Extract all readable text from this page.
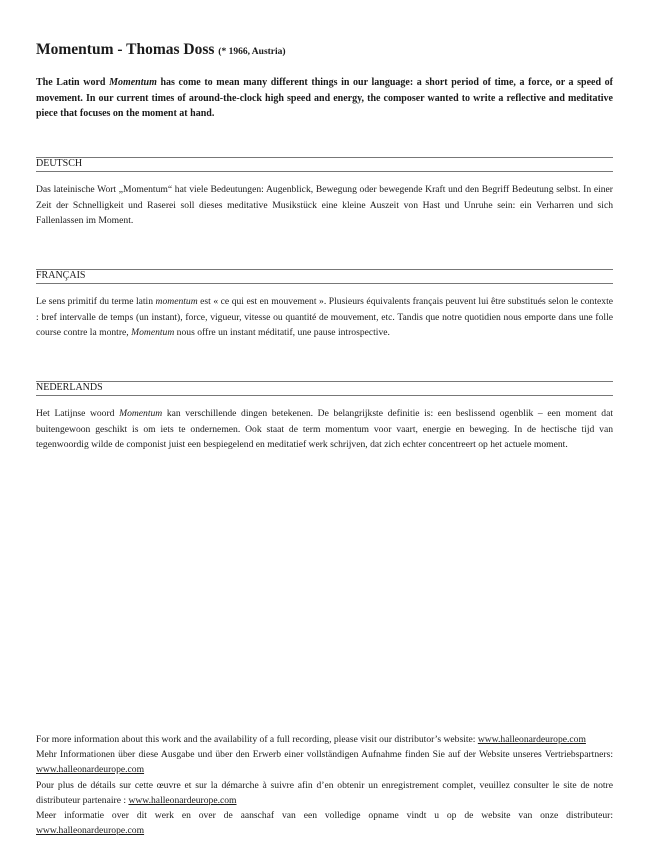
Momentum - Thomas Doss (* 1966, Austria)

The Latin word Momentum has come to mean many different things in our language: a short period of time, a force, or a speed of movement. In our current times of around-the-clock high speed and energy, the composer wanted to write a reflective and meditative piece that focuses on the moment at hand.

DEUTSCH
Das lateinische Wort „Momentum“ hat viele Bedeutungen: Augenblick, Bewegung oder bewegende Kraft und den Begriff Bedeutung selbst. In einer Zeit der Schnelligkeit und Raserei soll dieses meditative Musikstück eine kleine Auszeit von Hast und Unruhe sein: ein Verharren und sich Fallenlassen im Moment.
FRANÇAIS
Le sens primitif du terme latin momentum est « ce qui est en mouvement ». Plusieurs équivalents français peuvent lui être substitués selon le contexte : bref intervalle de temps (un instant), force, vigueur, vitesse ou quantité de mouvement, etc. Tandis que notre quotidien nous emporte dans une folle course contre la montre, Momentum nous offre un instant méditatif, une pause introspective.
NEDERLANDS
Het Latijnse woord Momentum kan verschillende dingen betekenen. De belangrijkste definitie is: een beslissend ogenblik – een moment dat buitengewoon geschikt is om iets te ondernemen. Ook staat de term momentum voor vaart, energie en beweging. In de hectische tijd van tegenwoordig wilde de componist juist een bespiegelend en meditatief werk schrijven, dat zich echter concentreert op het actuele moment.
For more information about this work and the availability of a full recording, please visit our distributor’s website: www.halleonardeurope.com
Mehr Informationen über diese Ausgabe und über den Erwerb einer vollständigen Aufnahme finden Sie auf der Website unseres Vertriebspartners: www.halleonardeurope.com
Pour plus de détails sur cette œuvre et sur la démarche à suivre afin d’en obtenir un enregistrement complet, veuillez consulter le site de notre distributeur partenaire : www.halleonardeurope.com
Meer informatie over dit werk en over de aanschaf van een volledige opname vindt u op de website van onze distributeur: www.halleonardeurope.com
